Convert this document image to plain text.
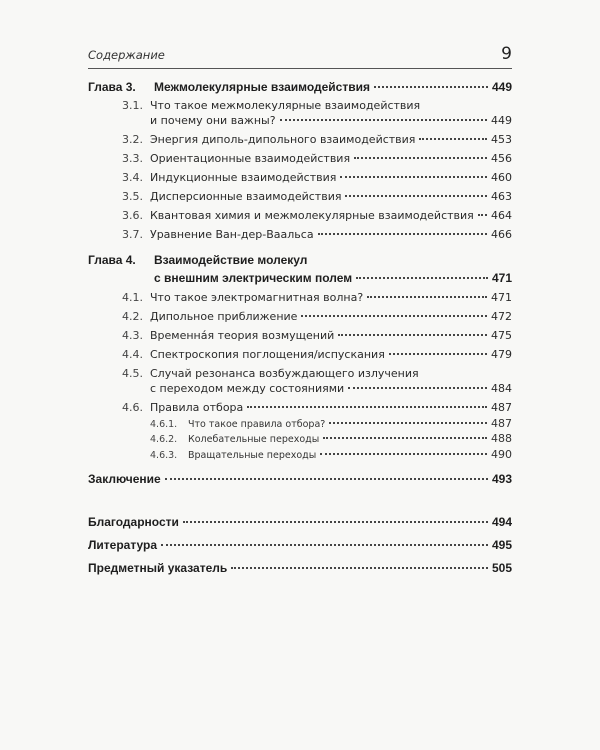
Содержание	9
Глава 3.	Межмолекулярные взаимодействия	449
3.1. Что такое межмолекулярные взаимодействия
и почему они важны?	449
3.2. Энергия диполь-дипольного взаимодействия	453
3.3. Ориентационные взаимодействия	456
3.4. Индукционные взаимодействия	460
3.5. Дисперсионные взаимодействия	463
3.6. Квантовая химия и межмолекулярные взаимодействия 464
3.7. Уравнение Ван-дер-Ваальса	466
Глава 4.	Взаимодействие молекул
с внешним электрическим полем	471
4.1. Что такое электромагнитная волна?	471
4.2. Дипольное приближение	472
4.3. Временнáя теория возмущений	475
4.4. Спектроскопия поглощения/испускания	479
4.5. Случай резонанса возбуждающего излучения
с переходом между состояниями	484
4.6. Правила отбора	487
4.6.1.	Что такое правила отбора?	487
4.6.2.	Колебательные переходы	488
4.6.3.	Вращательные переходы	490
Заключение	493
Благодарности	494
Литература	495
Предметный указатель	505
